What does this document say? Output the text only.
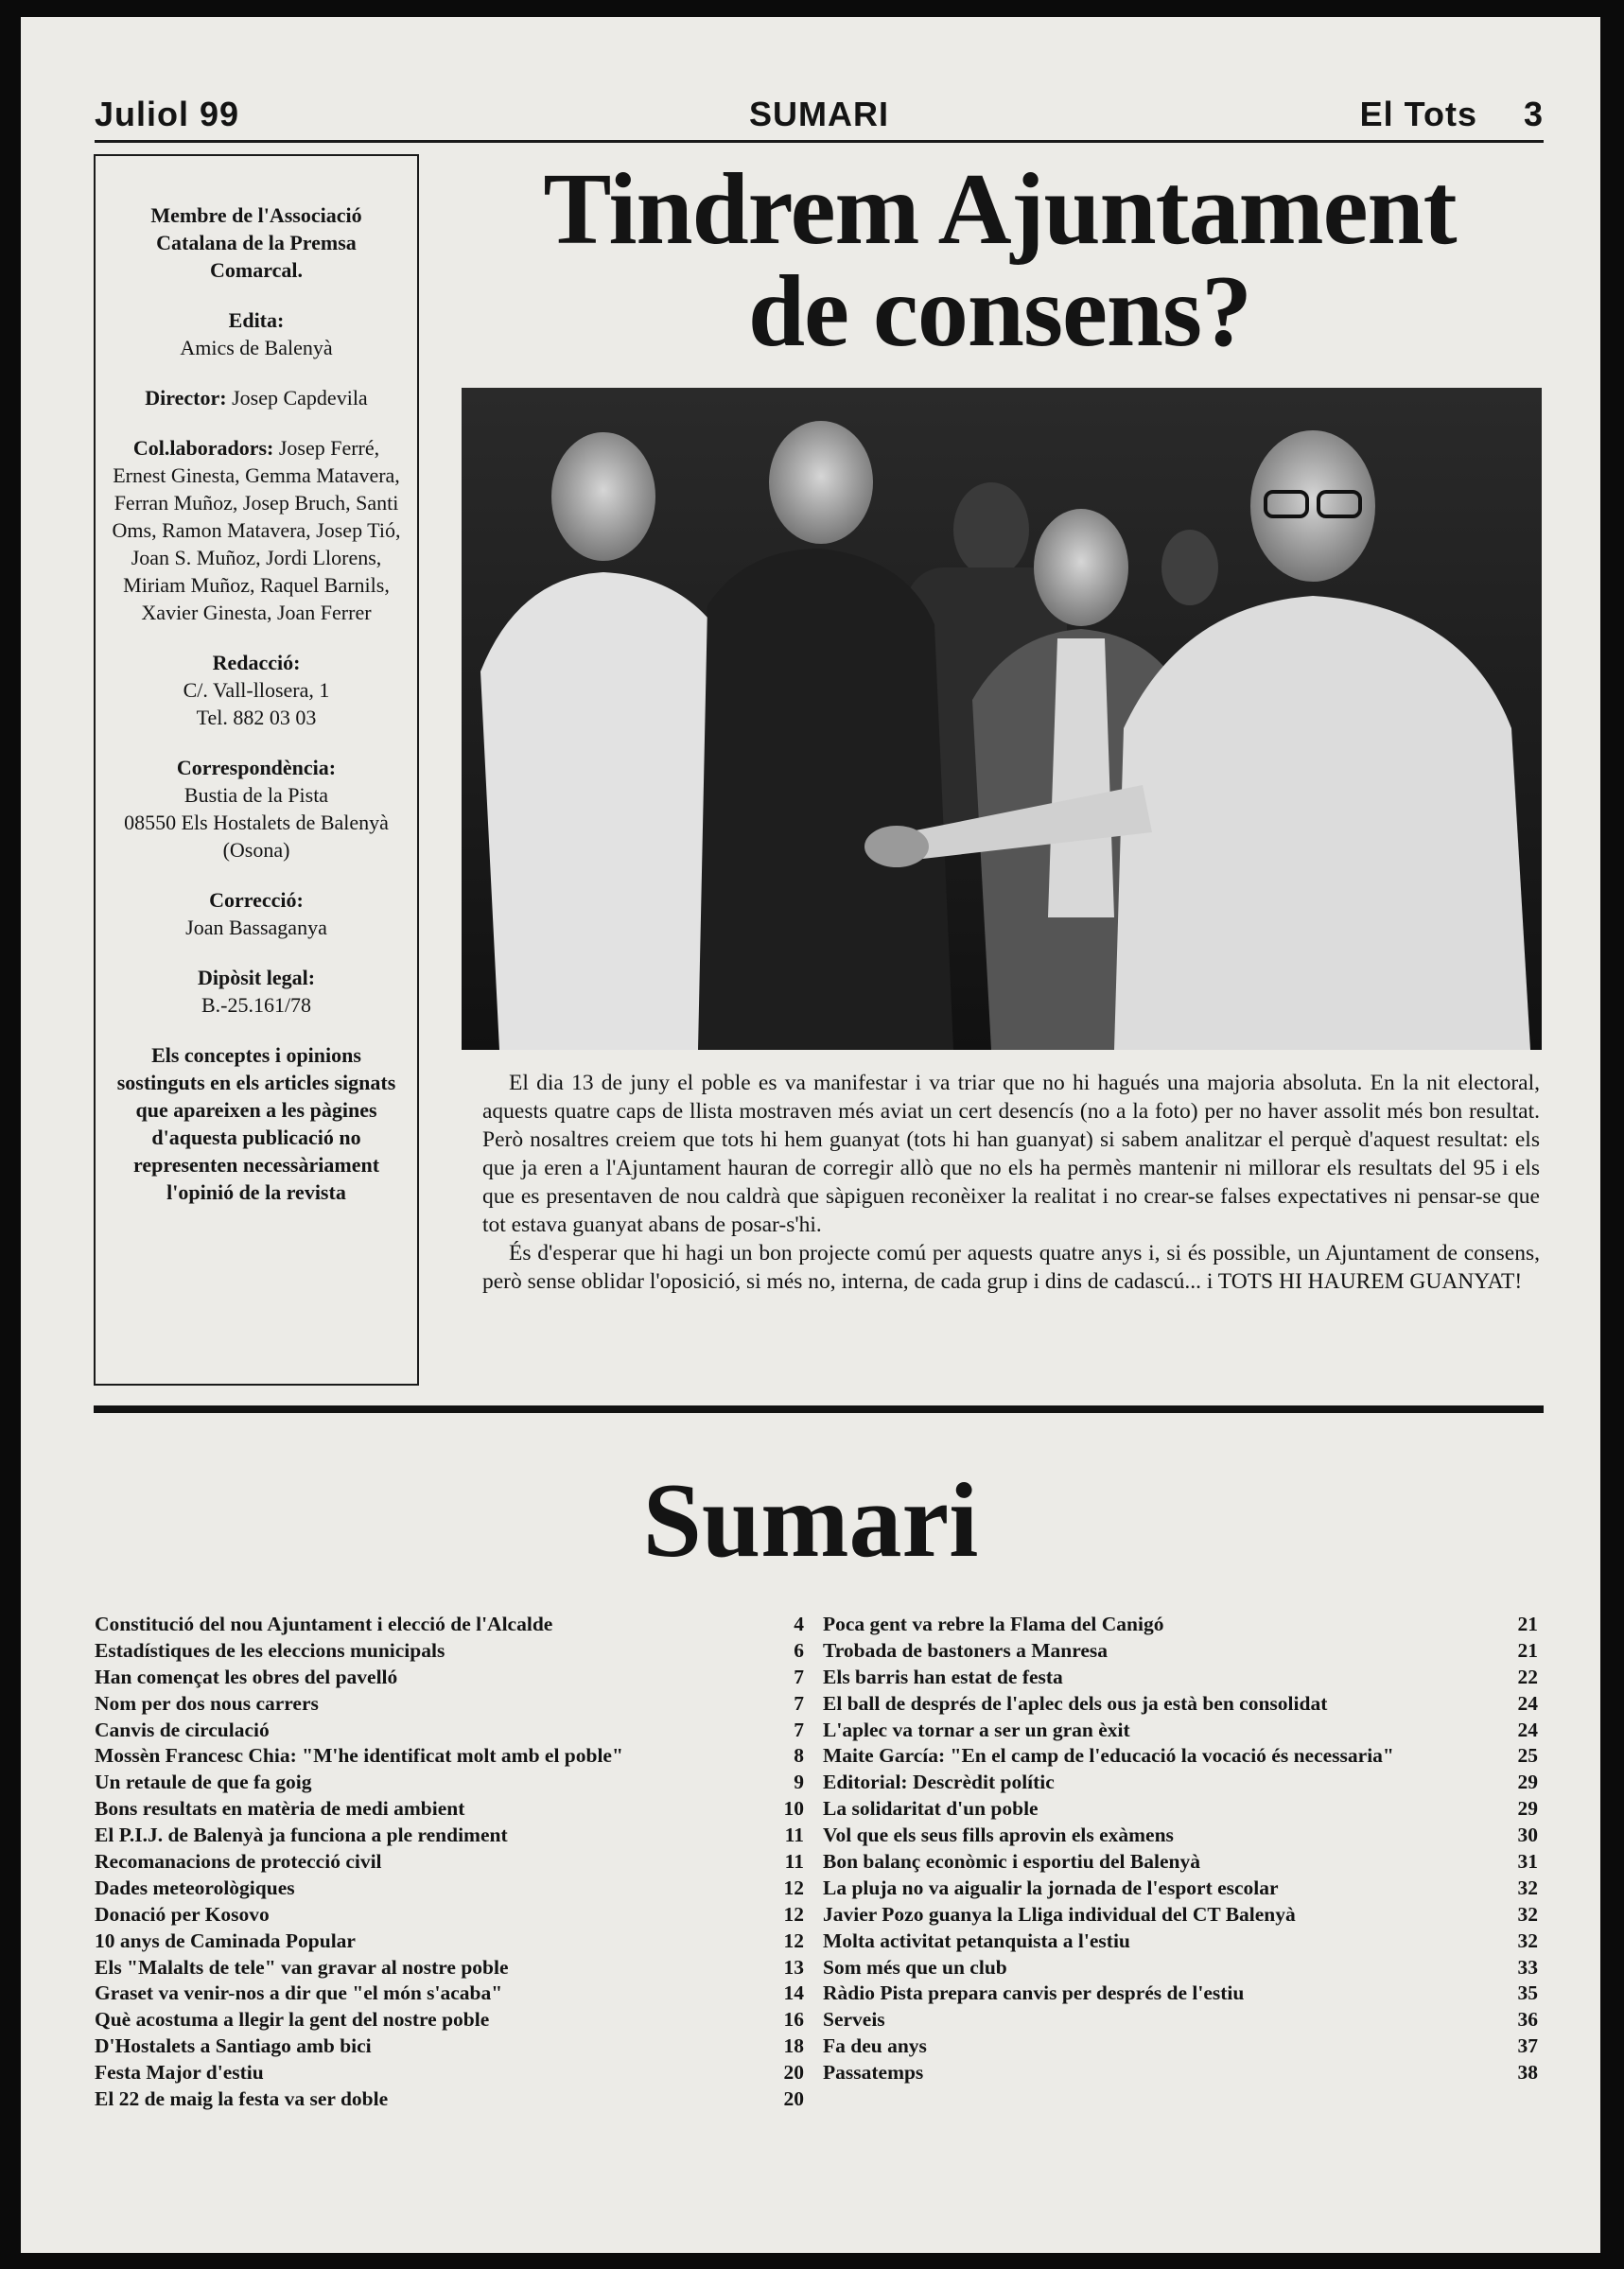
Juliol 99	SUMARI	El Tots 3
Membre de l'Associació Catalana de la Premsa Comarcal.
Edita:
Amics de Balenyà
Director: Josep Capdevila
Col.laboradors: Josep Ferré, Ernest Ginesta, Gemma Matavera, Ferran Muñoz, Josep Bruch, Santi Oms, Ramon Matavera, Josep Tió, Joan S. Muñoz, Jordi Llorens, Miriam Muñoz, Raquel Barnils, Xavier Ginesta, Joan Ferrer
Redacció:
C/. Vall-llosera, 1
Tel. 882 03 03
Correspondència:
Bustia de la Pista
08550 Els Hostalets de Balenyà (Osona)
Correcció:
Joan Bassaganya
Dipòsit legal:
B.-25.161/78
Els conceptes i opinions sostinguts en els articles signats que apareixen a les pàgines d'aquesta publicació no representen necessàriament l'opinió de la revista
Tindrem Ajuntament
de consens?

El dia 13 de juny el poble es va manifestar i va triar que no hi hagués una majoria absoluta. En la nit electoral, aquests quatre caps de llista mostraven més aviat un cert desencís (no a la foto) per no haver assolit més bon resultat. Però nosaltres creiem que tots hi hem guanyat (tots hi han guanyat) si sabem analitzar el perquè d'aquest resultat: els que ja eren a l'Ajuntament hauran de corregir allò que no els ha permès mantenir ni millorar els resultats del 95 i els que es presentaven de nou caldrà que sàpiguen reconèixer la realitat i no crear-se falses expectatives ni pensar-se que tot estava guanyat abans de posar-s'hi.

És d'esperar que hi hagi un bon projecte comú per aquests quatre anys i, si és possible, un Ajuntament de consens, però sense oblidar l'oposició, si més no, interna, de cada grup i dins de cadascú... i TOTS HI HAUREM GUANYAT!

Sumari
Constitució del nou Ajuntament i elecció de l'Alcalde	4
Estadístiques de les eleccions municipals	6
Han començat les obres del pavelló	7
Nom per dos nous carrers	7
Canvis de circulació	7
Mossèn Francesc Chia: "M'he identificat molt amb el poble"	8
Un retaule de que fa goig	9
Bons resultats en matèria de medi ambient	10
El P.I.J. de Balenyà ja funciona a ple rendiment	11
Recomanacions de protecció civil	11
Dades meteorològiques	12
Donació per Kosovo	12
10 anys de Caminada Popular	12
Els "Malalts de tele" van gravar al nostre poble	13
Graset va venir-nos a dir que "el món s'acaba"	14
Què acostuma a llegir la gent del nostre poble	16
D'Hostalets a Santiago amb bici	18
Festa Major d'estiu	20
El 22 de maig la festa va ser doble	20
Poca gent va rebre la Flama del Canigó	21
Trobada de bastoners a Manresa	21
Els barris han estat de festa	22
El ball de després de l'aplec dels ous ja està ben consolidat	24
L'aplec va tornar a ser un gran èxit	24
Maite García: "En el camp de l'educació la vocació és necessaria"	25
Editorial: Descrèdit polític	29
La solidaritat d'un poble	29
Vol que els seus fills aprovin els exàmens	30
Bon balanç econòmic i esportiu del Balenyà	31
La pluja no va aigualir la jornada de l'esport escolar	32
Javier Pozo guanya la Lliga individual del CT Balenyà	32
Molta activitat petanquista a l'estiu	32
Som més que un club	33
Ràdio Pista prepara canvis per després de l'estiu	35
Serveis	36
Fa deu anys	37
Passatemps	38
